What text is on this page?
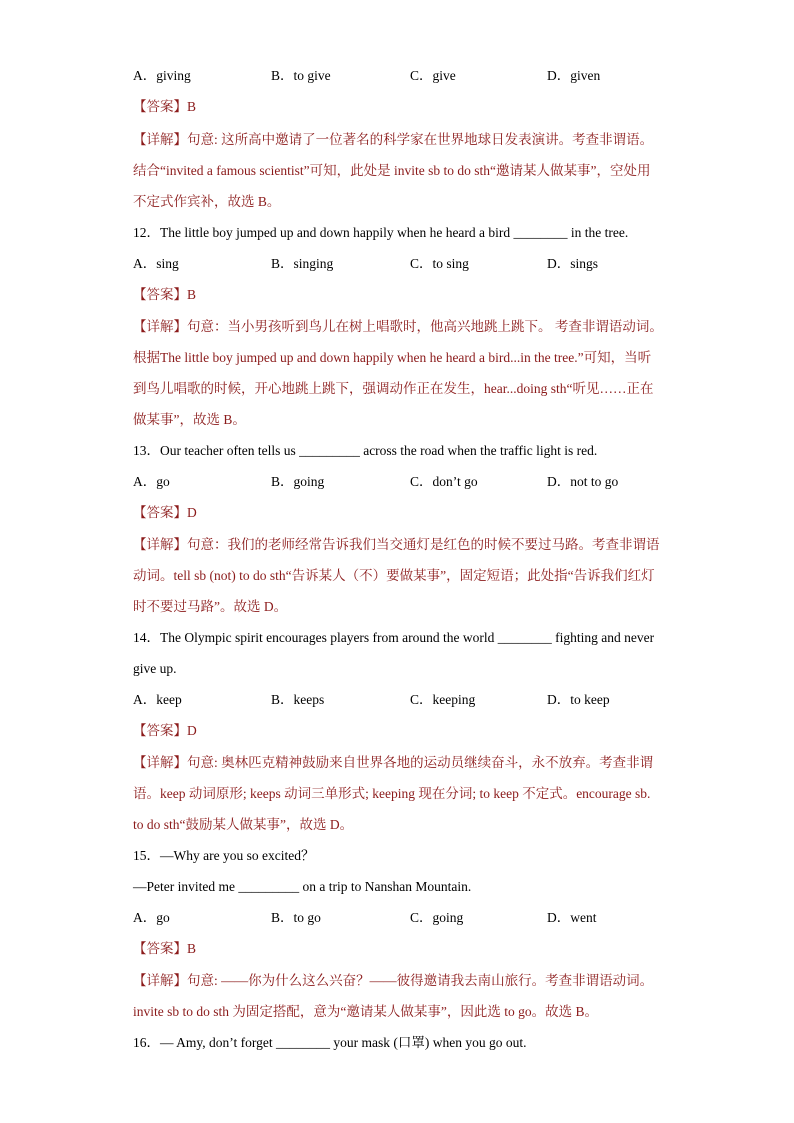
A．giving	B．to give	C．give	D．given
【答案】B
【详解】句意: 这所高中邀请了一位著名的科学家在世界地球日发表演讲。考查非谓语。结合“invited a famous scientist”可知，此处是 invite sb to do sth“邀请某人做某事”，空处用不定式作宾补，故选 B。
12．The little boy jumped up and down happily when he heard a bird ________ in the tree.
A．sing	B．singing	C．to sing	D．sings
【答案】B
【详解】句意：当小男孩听到鸟儿在树上唱歌时，他高兴地跳上跳下。 考查非谓语动词。根据The little boy jumped up and down happily when he heard a bird...in the tree.”可知，当听到鸟儿唱歌的时候，开心地跳上跳下，强调动作正在发生，hear...doing sth“听见……正在做某事”，故选 B。
13．Our teacher often tells us _________ across the road when the traffic light is red.
A．go	B．going	C．don’t go	D．not to go
【答案】D
【详解】句意：我们的老师经常告诉我们当交通灯是红色的时候不要过马路。考查非谓语动词。tell sb (not) to do sth“告诉某人（不）要做某事”，固定短语；此处指“告诉我们红灯时不要过马路”。故选 D。
14．The Olympic spirit encourages players from around the world ________ fighting and never give up.
A．keep	B．keeps	C．keeping	D．to keep
【答案】D
【详解】句意: 奥林匹克精神鼓励来自世界各地的运动员继续奋斗，永不放弃。考查非谓语。keep 动词原形; keeps 动词三单形式; keeping 现在分词; to keep 不定式。encourage sb. to do sth“鼓励某人做某事”，故选 D。
15．—Why are you so excited？
—Peter invited me _________ on a trip to Nanshan Mountain.
A．go	B．to go	C．going	D．went
【答案】B
【详解】句意: ——你为什么这么兴奋？——彼得邀请我去南山旅行。考查非谓语动词。invite sb to do sth 为固定搭配，意为“邀请某人做某事”，因此选 to go。故选 B。
16．— Amy, don’t forget ________ your mask (口罩) when you go out.
